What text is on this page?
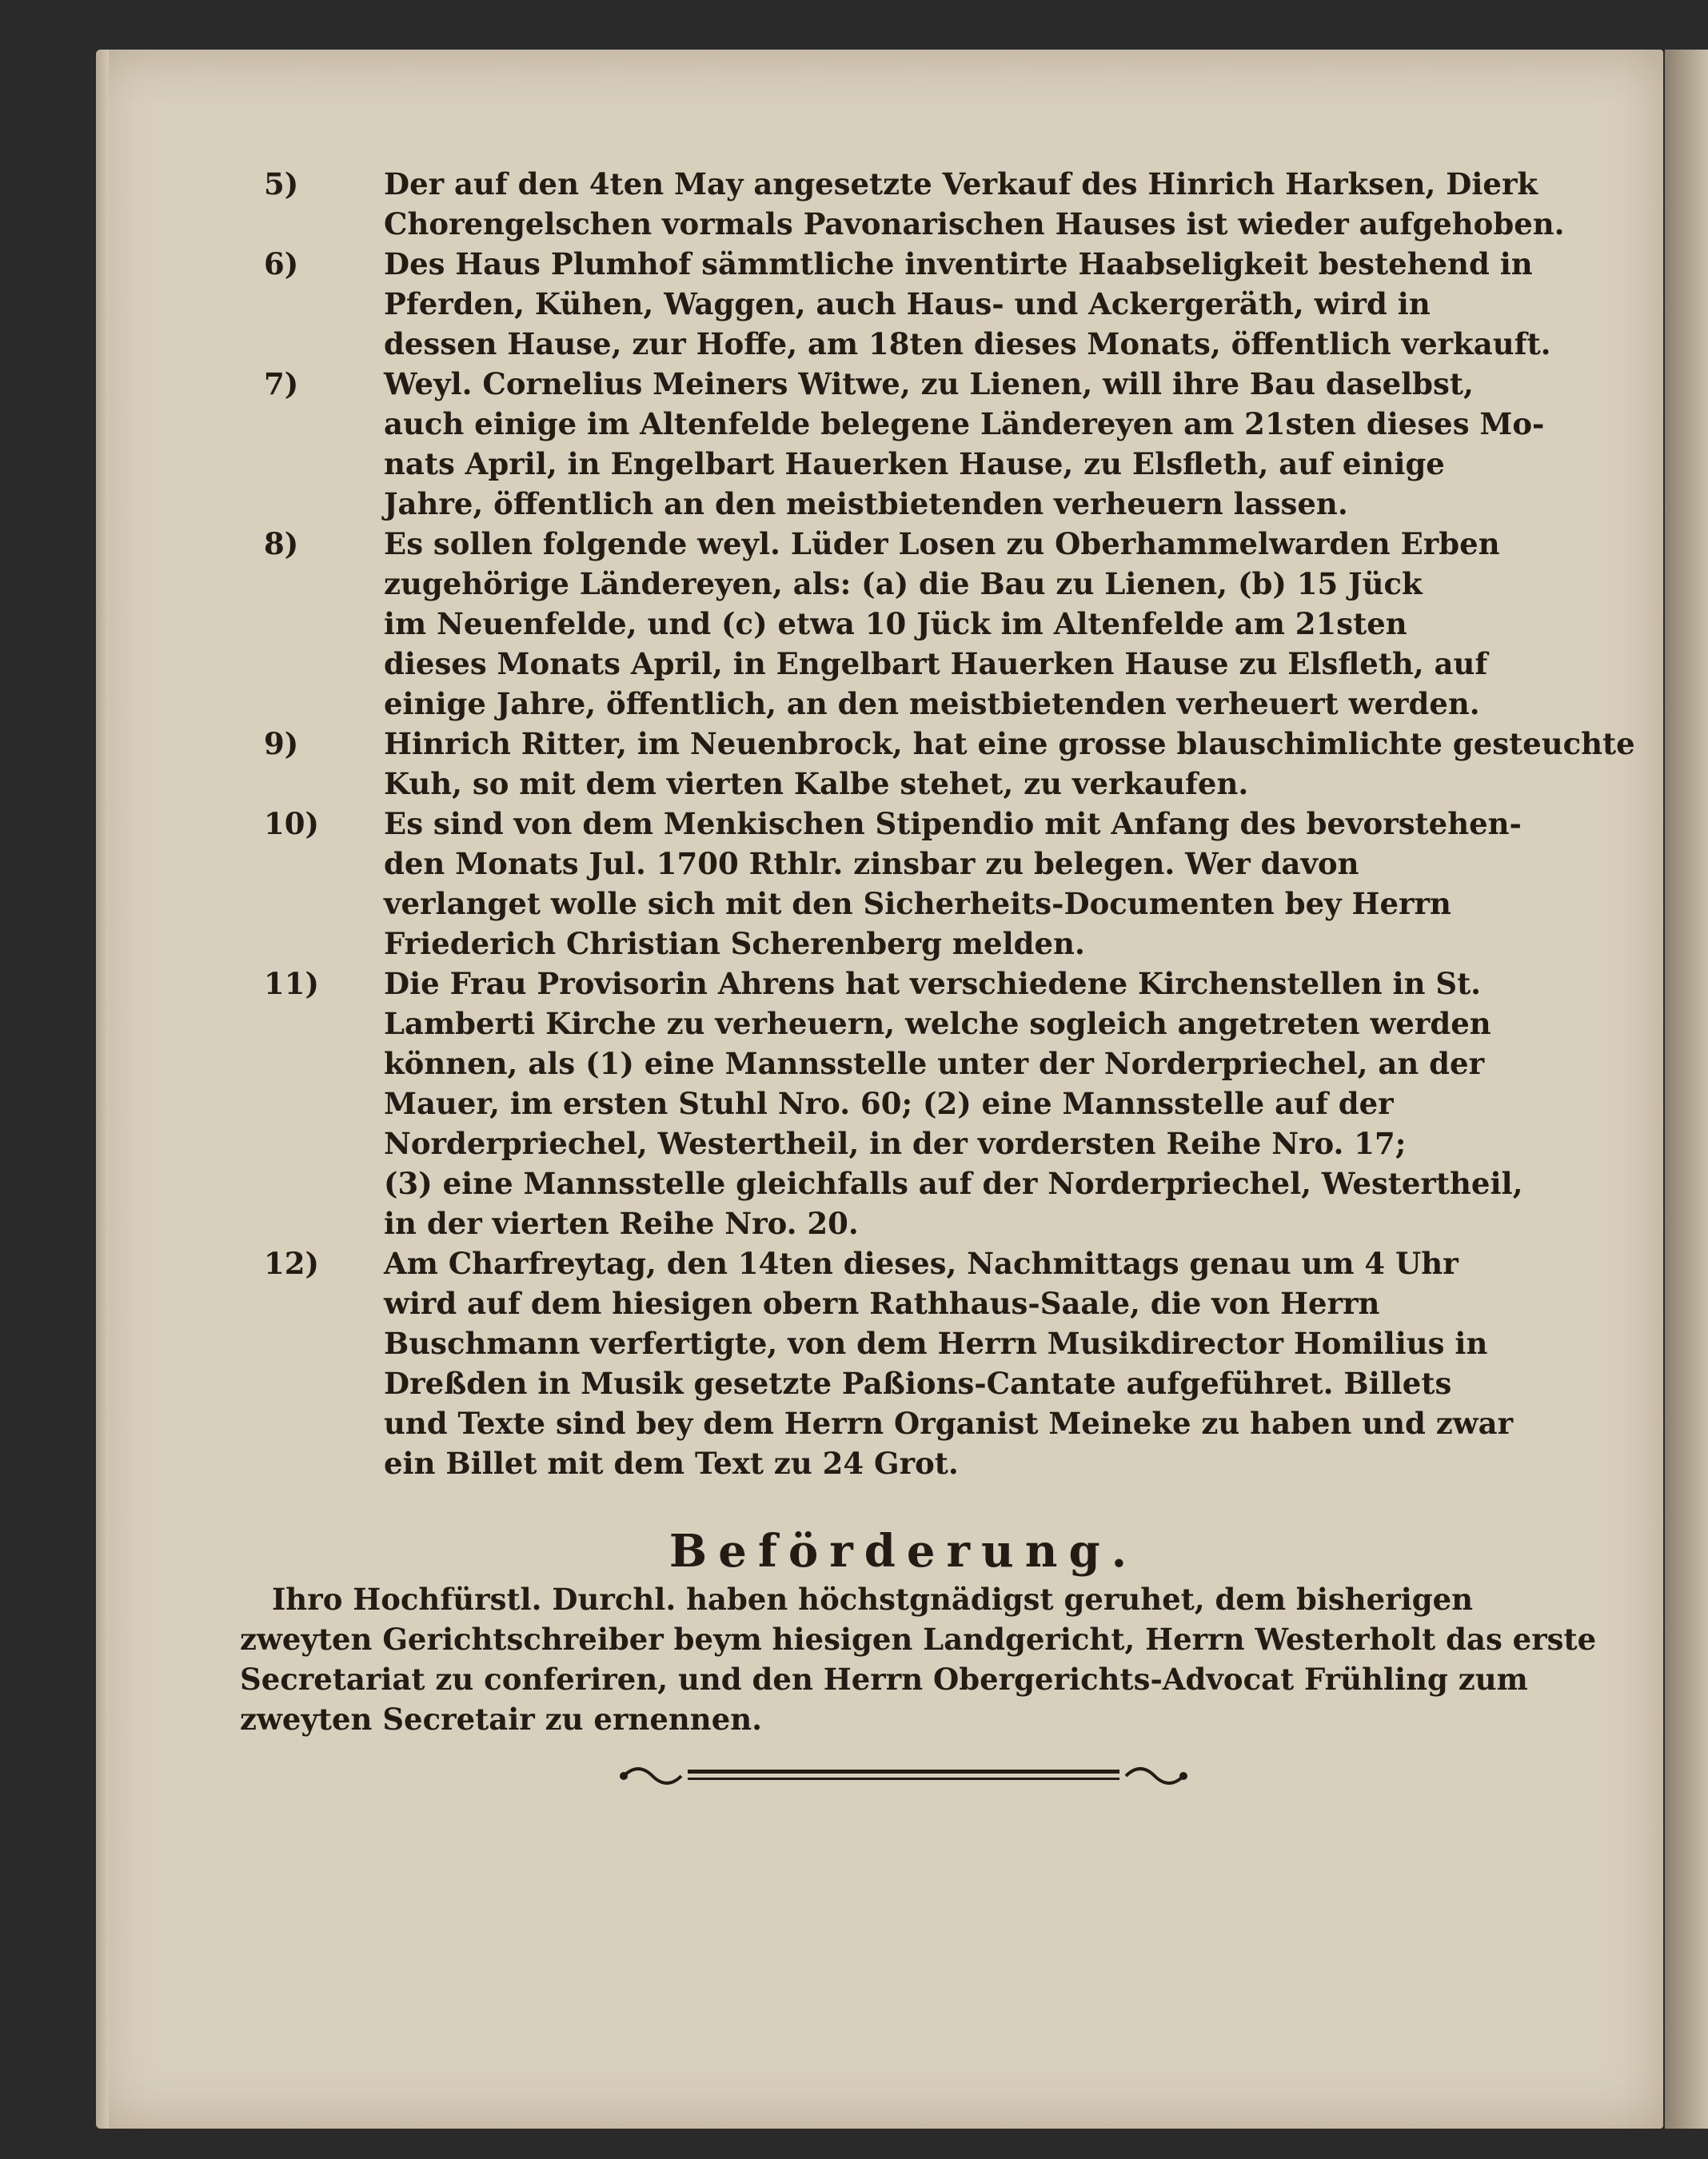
5)	Der auf den 4ten May angesetzte Verkauf des Hinrich Harksen, Dierk
Chorengelschen vormals Pavonarischen Hauses ist wieder aufgehoben.
6)	Des Haus Plumhof sämmtliche inventirte Haabseligkeit bestehend in
Pferden, Kühen, Waggen, auch Haus- und Ackergeräth, wird in
dessen Hause, zur Hoffe, am 18ten dieses Monats, öffentlich verkauft.
7)	Weyl. Cornelius Meiners Witwe, zu Lienen, will ihre Bau daselbst,
auch einige im Altenfelde belegene Ländereyen am 21sten dieses Mo-
nats April, in Engelbart Hauerken Hause, zu Elsfleth, auf einige
Jahre, öffentlich an den meistbietenden verheuern lassen.
8)	Es sollen folgende weyl. Lüder Losen zu Oberhammelwarden Erben
zugehörige Ländereyen, als: (a) die Bau zu Lienen, (b) 15 Jück
im Neuenfelde, und (c) etwa 10 Jück im Altenfelde am 21sten
dieses Monats April, in Engelbart Hauerken Hause zu Elsfleth, auf
einige Jahre, öffentlich, an den meistbietenden verheuert werden.
9)	Hinrich Ritter, im Neuenbrock, hat eine grosse blauschimlichte gesteuchte
Kuh, so mit dem vierten Kalbe stehet, zu verkaufen.
10)	Es sind von dem Menkischen Stipendio mit Anfang des bevorstehen-
den Monats Jul. 1700 Rthlr. zinsbar zu belegen. Wer davon
verlanget wolle sich mit den Sicherheits-Documenten bey Herrn
Friederich Christian Scherenberg melden.
11)	Die Frau Provisorin Ahrens hat verschiedene Kirchenstellen in St.
Lamberti Kirche zu verheuern, welche sogleich angetreten werden
können, als (1) eine Mannsstelle unter der Norderpriechel, an der
Mauer, im ersten Stuhl Nro. 60; (2) eine Mannsstelle auf der
Norderpriechel, Westertheil, in der vordersten Reihe Nro. 17;
(3) eine Mannsstelle gleichfalls auf der Norderpriechel, Westertheil,
in der vierten Reihe Nro. 20.
12)	Am Charfreytag, den 14ten dieses, Nachmittags genau um 4 Uhr
wird auf dem hiesigen obern Rathhaus-Saale, die von Herrn
Buschmann verfertigte, von dem Herrn Musikdirector Homilius in
Dreßden in Musik gesetzte Paßions-Cantate aufgeführet. Billets
und Texte sind bey dem Herrn Organist Meineke zu haben und zwar
ein Billet mit dem Text zu 24 Grot.
Beförderung.
Ihro Hochfürstl. Durchl. haben höchstgnädigst geruhet, dem bisherigen
zweyten Gerichtschreiber beym hiesigen Landgericht, Herrn Westerholt das erste
Secretariat zu conferiren, und den Herrn Obergerichts-Advocat Frühling zum
zweyten Secretair zu ernennen.
